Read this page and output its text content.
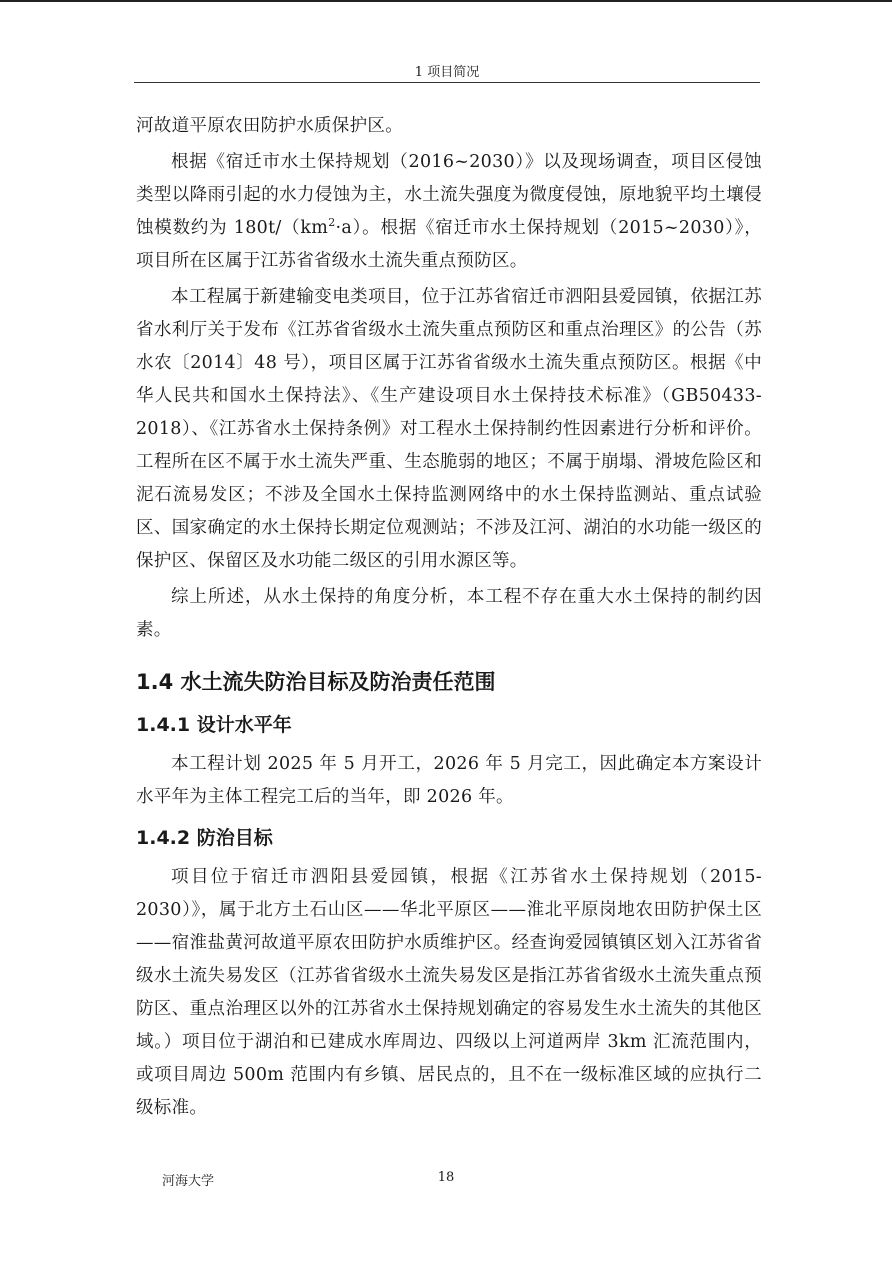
1 项目简况

河故道平原农田防护水质保护区。

根据《宿迁市水土保持规划（2016~2030）》以及现场调查，项目区侵蚀类型以降雨引起的水力侵蚀为主，水土流失强度为微度侵蚀，原地貌平均土壤侵蚀模数约为 $180t/(km^2\cdot a)$。根据《宿迁市水土保持规划（2015~2030）》，项目所在区属于江苏省省级水土流失重点预防区。

本工程属于新建输变电类项目，位于江苏省宿迁市泗阳县爱园镇，依据江苏省水利厅关于发布《江苏省省级水土流失重点预防区和重点治理区》的公告（苏水农〔2014〕48 号），项目区属于江苏省省级水土流失重点预防区。根据《中华人民共和国水土保持法》、《生产建设项目水土保持技术标准》（GB50433-2018）、《江苏省水土保持条例》对工程水土保持制约性因素进行分析和评价。工程所在区不属于水土流失严重、生态脆弱的地区；不属于崩塌、滑坡危险区和泥石流易发区；不涉及全国水土保持监测网络中的水土保持监测站、重点试验区、国家确定的水土保持长期定位观测站；不涉及江河、湖泊的水功能一级区的保护区、保留区及水功能二级区的引用水源区等。

综上所述，从水土保持的角度分析，本工程不存在重大水土保持的制约因素。

1.4 水土流失防治目标及防治责任范围
1.4.1 设计水平年

本工程计划 2025 年 5 月开工，2026 年 5 月完工，因此确定本方案设计水平年为主体工程完工后的当年，即 2026 年。

1.4.2 防治目标

项目位于宿迁市泗阳县爱园镇，根据《江苏省水土保持规划（2015-2030）》，属于北方土石山区——华北平原区——淮北平原岗地农田防护保土区——宿淮盐黄河故道平原农田防护水质维护区。经查询爱园镇镇区划入江苏省省级水土流失易发区（江苏省省级水土流失易发区是指江苏省省级水土流失重点预防区、重点治理区以外的江苏省水土保持规划确定的容易发生水土流失的其他区域。）项目位于湖泊和已建成水库周边、四级以上河道两岸 3km 汇流范围内，或项目周边 500m 范围内有乡镇、居民点的，且不在一级标准区域的应执行二级标准。

河海大学	18
